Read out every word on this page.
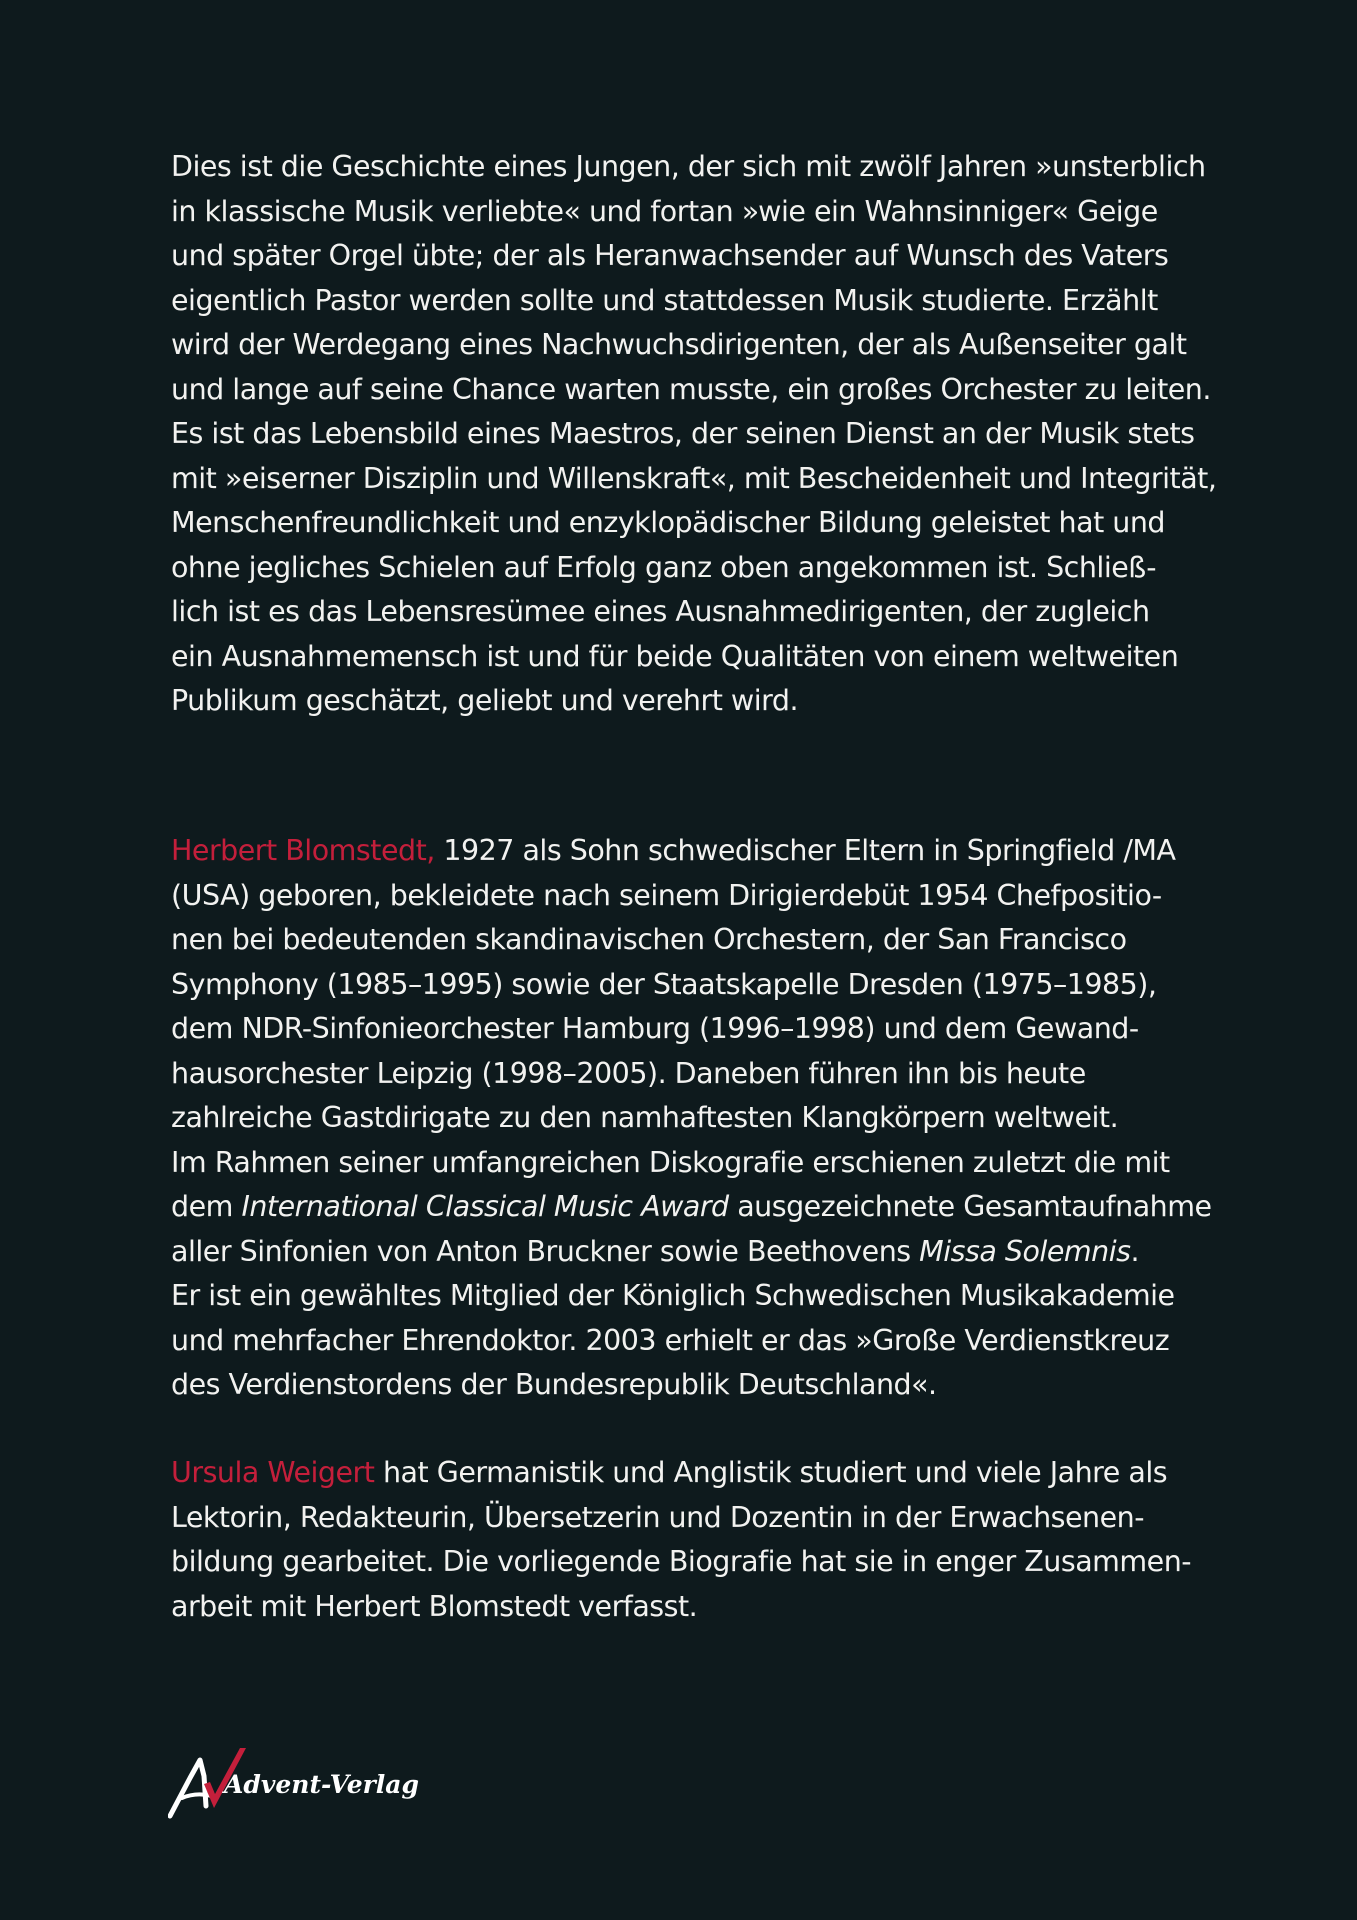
Dies ist die Geschichte eines Jungen, der sich mit zwölf Jahren »unsterblich
in klassische Musik verliebte« und fortan »wie ein Wahnsinniger« Geige
und später Orgel übte; der als Heranwachsender auf Wunsch des Vaters
eigentlich Pastor werden sollte und stattdessen Musik studierte. Erzählt
wird der Werdegang eines Nachwuchsdirigenten, der als Außenseiter galt
und lange auf seine Chance warten musste, ein großes Orchester zu leiten.
Es ist das Lebensbild eines Maestros, der seinen Dienst an der Musik stets
mit »eiserner Disziplin und Willenskraft«, mit Bescheidenheit und Integrität,
Menschenfreundlichkeit und enzyklopädischer Bildung geleistet hat und
ohne jegliches Schielen auf Erfolg ganz oben angekommen ist. Schließ-
lich ist es das Lebensresümee eines Ausnahmedirigenten, der zugleich
ein Ausnahmemensch ist und für beide Qualitäten von einem weltweiten
Publikum geschätzt, geliebt und verehrt wird.
Herbert Blomstedt, 1927 als Sohn schwedischer Eltern in Springfield /MA
(USA) geboren, bekleidete nach seinem Dirigierdebüt 1954 Chefpositio-
nen bei bedeutenden skandinavischen Orchestern, der San Francisco
Symphony (1985–1995) sowie der Staatskapelle Dresden (1975–1985),
dem NDR-Sinfonieorchester Hamburg (1996–1998) und dem Gewand-
hausorchester Leipzig (1998–2005). Daneben führen ihn bis heute
zahlreiche Gastdirigate zu den namhaftesten Klangkörpern weltweit.
Im Rahmen seiner umfangreichen Diskografie erschienen zuletzt die mit
dem International Classical Music Award ausgezeichnete Gesamtaufnahme
aller Sinfonien von Anton Bruckner sowie Beethovens Missa Solemnis.
Er ist ein gewähltes Mitglied der Königlich Schwedischen Musikakademie
und mehrfacher Ehrendoktor. 2003 erhielt er das »Große Verdienstkreuz
des Verdienstordens der Bundesrepublik Deutschland«.
Ursula Weigert hat Germanistik und Anglistik studiert und viele Jahre als
Lektorin, Redakteurin, Übersetzerin und Dozentin in der Erwachsenen-
bildung gearbeitet. Die vorliegende Biografie hat sie in enger Zusammen-
arbeit mit Herbert Blomstedt verfasst.
Advent-Verlag
